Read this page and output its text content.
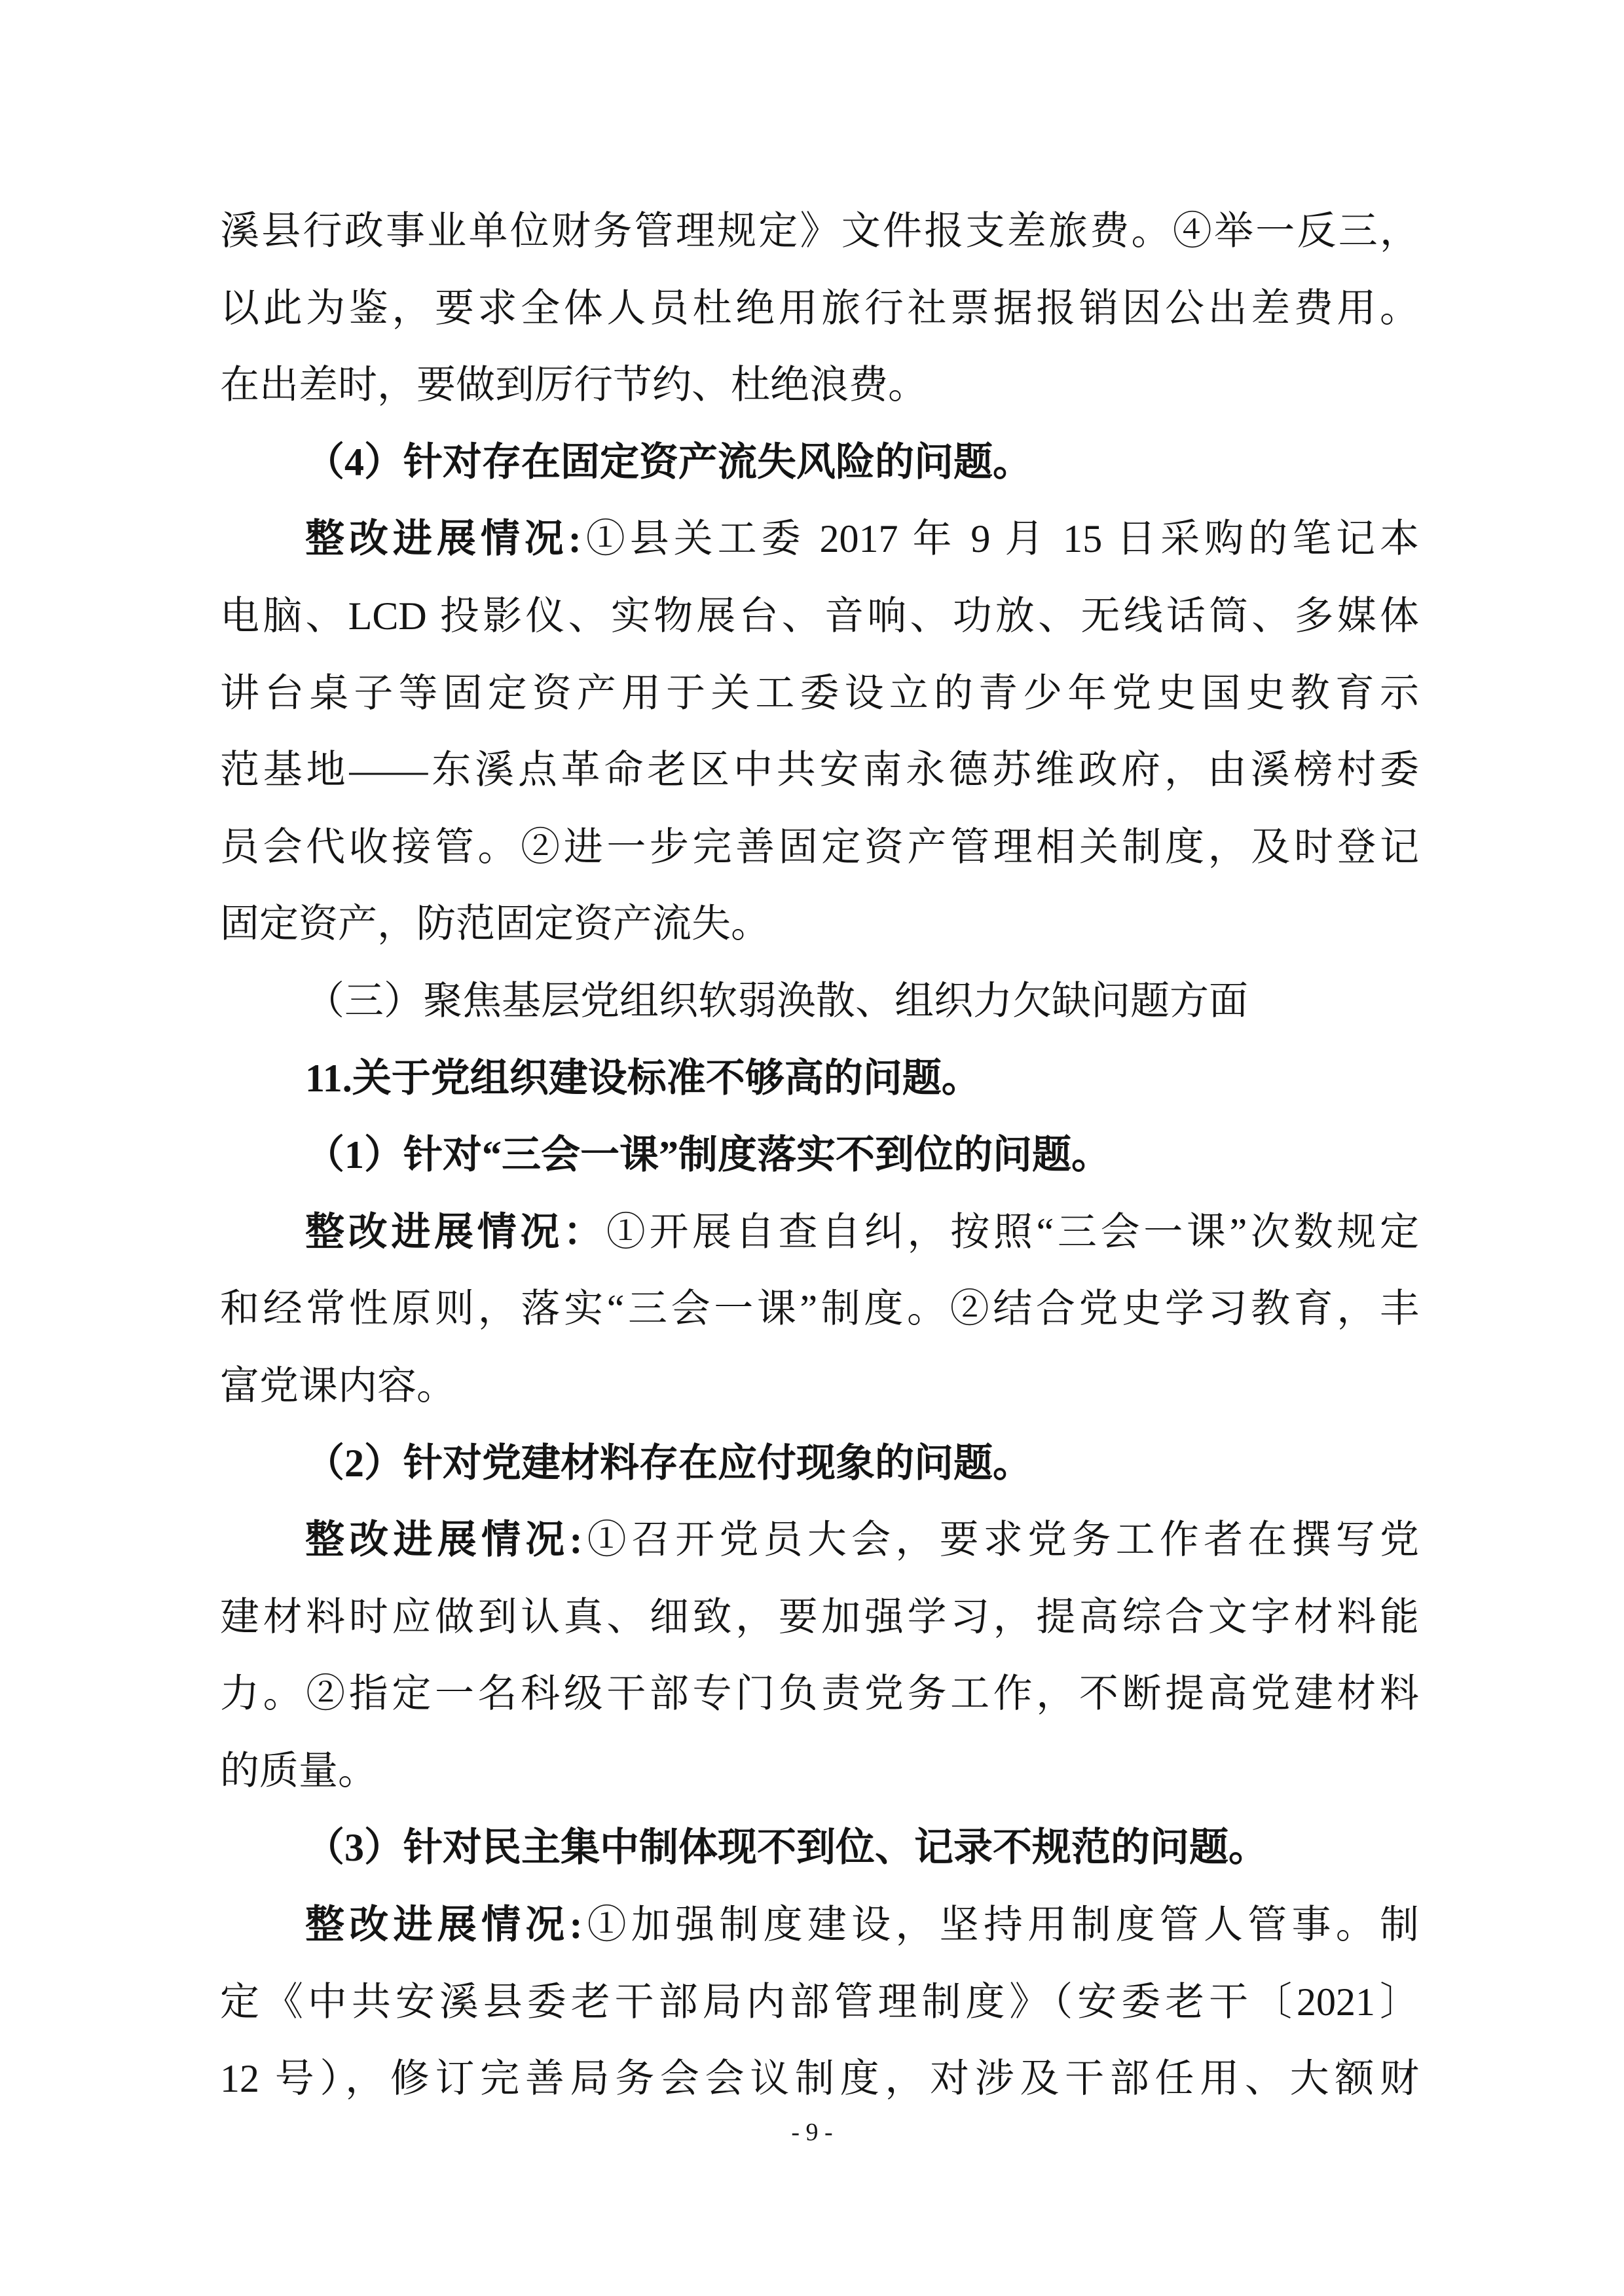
溪县行政事业单位财务管理规定》文件报支差旅费。④举一反三，
以此为鉴，要求全体人员杜绝用旅行社票据报销因公出差费用。
在出差时，要做到厉行节约、杜绝浪费。
（4）针对存在固定资产流失风险的问题。
整改进展情况:①县关工委 2017 年 9 月 15 日采购的笔记本
电脑、LCD 投影仪、实物展台、音响、功放、无线话筒、多媒体
讲台桌子等固定资产用于关工委设立的青少年党史国史教育示
范基地——东溪点革命老区中共安南永德苏维政府，由溪榜村委
员会代收接管。②进一步完善固定资产管理相关制度，及时登记
固定资产，防范固定资产流失。
（三）聚焦基层党组织软弱涣散、组织力欠缺问题方面
11.关于党组织建设标准不够高的问题。
（1）针对“三会一课”制度落实不到位的问题。
整改进展情况：①开展自查自纠，按照“三会一课”次数规定
和经常性原则，落实“三会一课”制度。②结合党史学习教育，丰
富党课内容。
（2）针对党建材料存在应付现象的问题。
整改进展情况:①召开党员大会，要求党务工作者在撰写党
建材料时应做到认真、细致，要加强学习，提高综合文字材料能
力。②指定一名科级干部专门负责党务工作，不断提高党建材料
的质量。
（3）针对民主集中制体现不到位、记录不规范的问题。
整改进展情况:①加强制度建设，坚持用制度管人管事。制
定《中共安溪县委老干部局内部管理制度》（安委老干〔2021〕
12 号），修订完善局务会会议制度，对涉及干部任用、大额财
- 9 -
